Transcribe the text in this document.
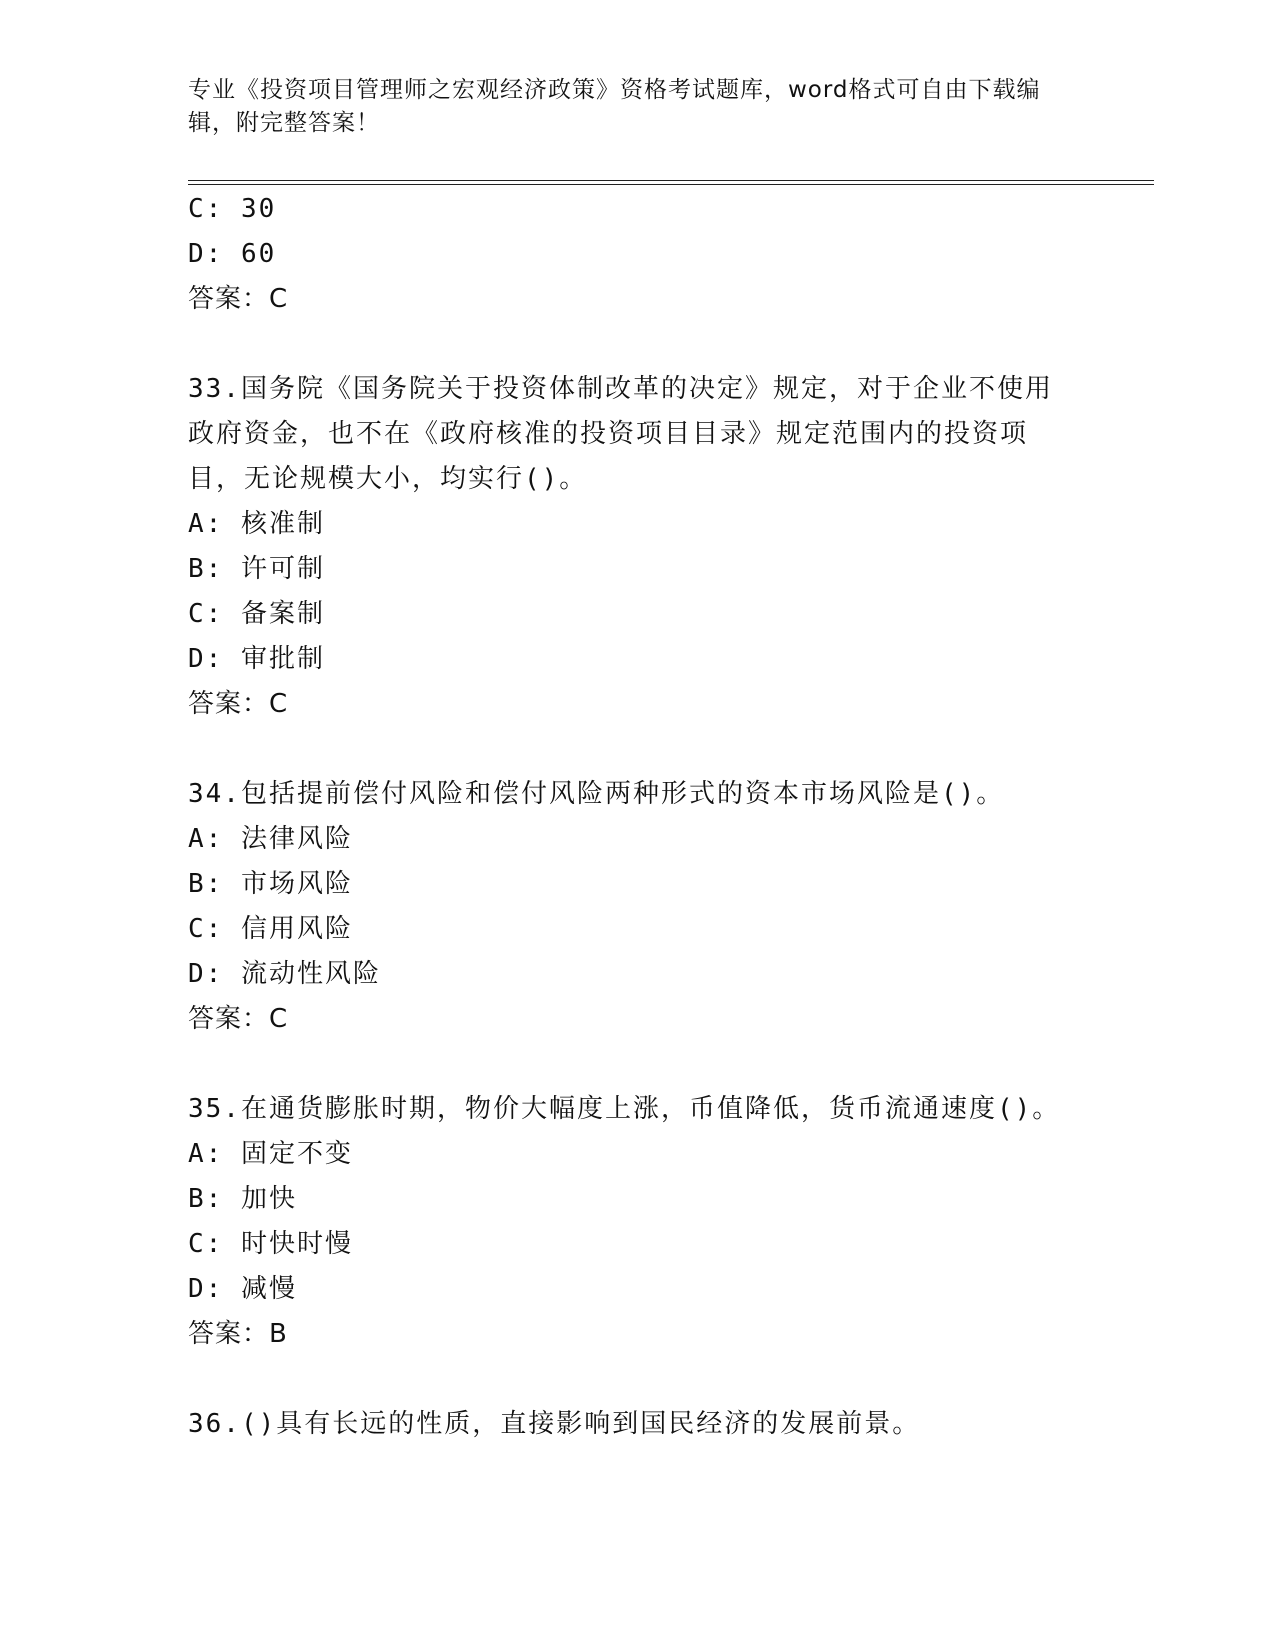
专业《投资项目管理师之宏观经济政策》资格考试题库，word格式可自由下载编
辑，附完整答案！
C: 30
D: 60
答案：C
33.国务院《国务院关于投资体制改革的决定》规定，对于企业不使用
政府资金，也不在《政府核准的投资项目目录》规定范围内的投资项
目，无论规模大小，均实行()。
A: 核准制
B: 许可制
C: 备案制
D: 审批制
答案：C
34.包括提前偿付风险和偿付风险两种形式的资本市场风险是()。
A: 法律风险
B: 市场风险
C: 信用风险
D: 流动性风险
答案：C
35.在通货膨胀时期，物价大幅度上涨，币值降低，货币流通速度()。
A: 固定不变
B: 加快
C: 时快时慢
D: 减慢
答案：B
36.()具有长远的性质，直接影响到国民经济的发展前景。
